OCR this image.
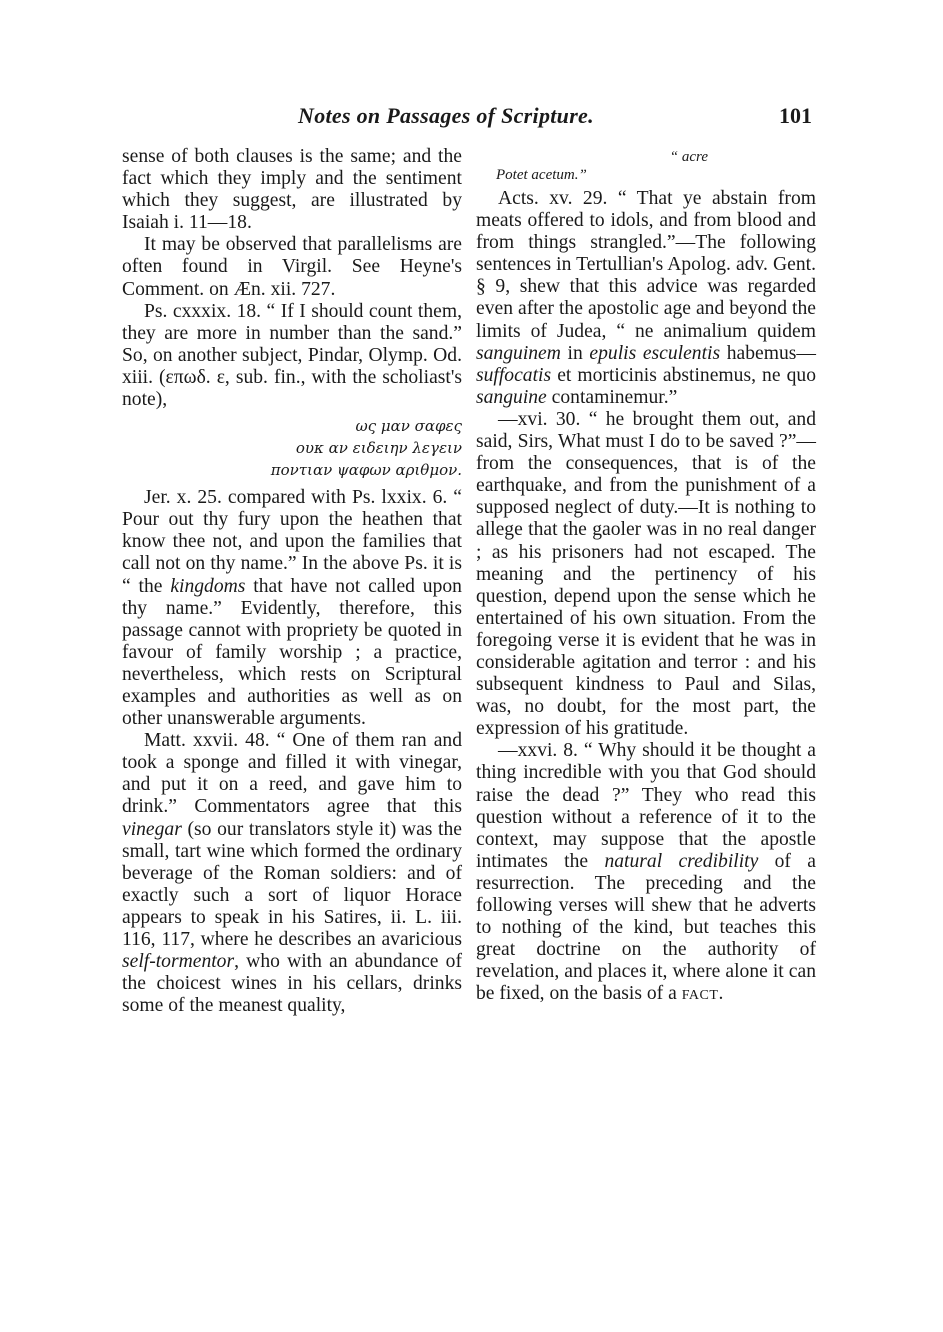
Notes on Passages of Scripture.	101

sense of both clauses is the same; and the fact which they imply and the sentiment which they suggest, are illustrated by Isaiah i. 11—18.

It may be observed that parallelisms are often found in Virgil. See Heyne's Comment. on Æn. xii. 727.

Ps. cxxxix. 18. “ If I should count them, they are more in number than the sand.” So, on another subject, Pindar, Olymp. Od. xiii. (επωδ. ε, sub. fin., with the scholiast's note),

ως μαν σαφες
ουκ αν ειδειην λεγειν
ποντιαν ψαφων αριθμον.

Jer. x. 25. compared with Ps. lxxix. 6. “ Pour out thy fury upon the heathen that know thee not, and upon the families that call not on thy name.” In the above Ps. it is “ the kingdoms that have not called upon thy name.” Evidently, therefore, this passage cannot with propriety be quoted in favour of family worship ; a practice, nevertheless, which rests on Scriptural examples and authorities as well as on other unanswerable arguments.

Matt. xxvii. 48. “ One of them ran and took a sponge and filled it with vinegar, and put it on a reed, and gave him to drink.” Commentators agree that this vinegar (so our translators style it) was the small, tart wine which formed the ordinary beverage of the Roman soldiers: and of exactly such a sort of liquor Horace appears to speak in his Satires, ii. L. iii. 116, 117, where he describes an avaricious self-tormentor, who with an abundance of the choicest wines in his cellars, drinks some of the meanest quality,

“ acre
Potet acetum.”

Acts. xv. 29. “ That ye abstain from meats offered to idols, and from blood and from things strangled.”—The following sentences in Tertullian's Apolog. adv. Gent. § 9, shew that this advice was regarded even after the apostolic age and beyond the limits of Judea, “ ne animalium quidem sanguinem in epulis esculentis habemus—suffocatis et morticinis abstinemus, ne quo sanguine contaminemur.”

—xvi. 30. “ he brought them out, and said, Sirs, What must I do to be saved ?”—from the consequences, that is of the earthquake, and from the punishment of a supposed neglect of duty.—It is nothing to allege that the gaoler was in no real danger ; as his prisoners had not escaped. The meaning and the pertinency of his question, depend upon the sense which he entertained of his own situation. From the foregoing verse it is evident that he was in considerable agitation and terror : and his subsequent kindness to Paul and Silas, was, no doubt, for the most part, the expression of his gratitude.

—xxvi. 8. “ Why should it be thought a thing incredible with you that God should raise the dead ?” They who read this question without a reference of it to the context, may suppose that the apostle intimates the natural credibility of a resurrection. The preceding and the following verses will shew that he adverts to nothing of the kind, but teaches this great doctrine on the authority of revelation, and places it, where alone it can be fixed, on the basis of a fact.
